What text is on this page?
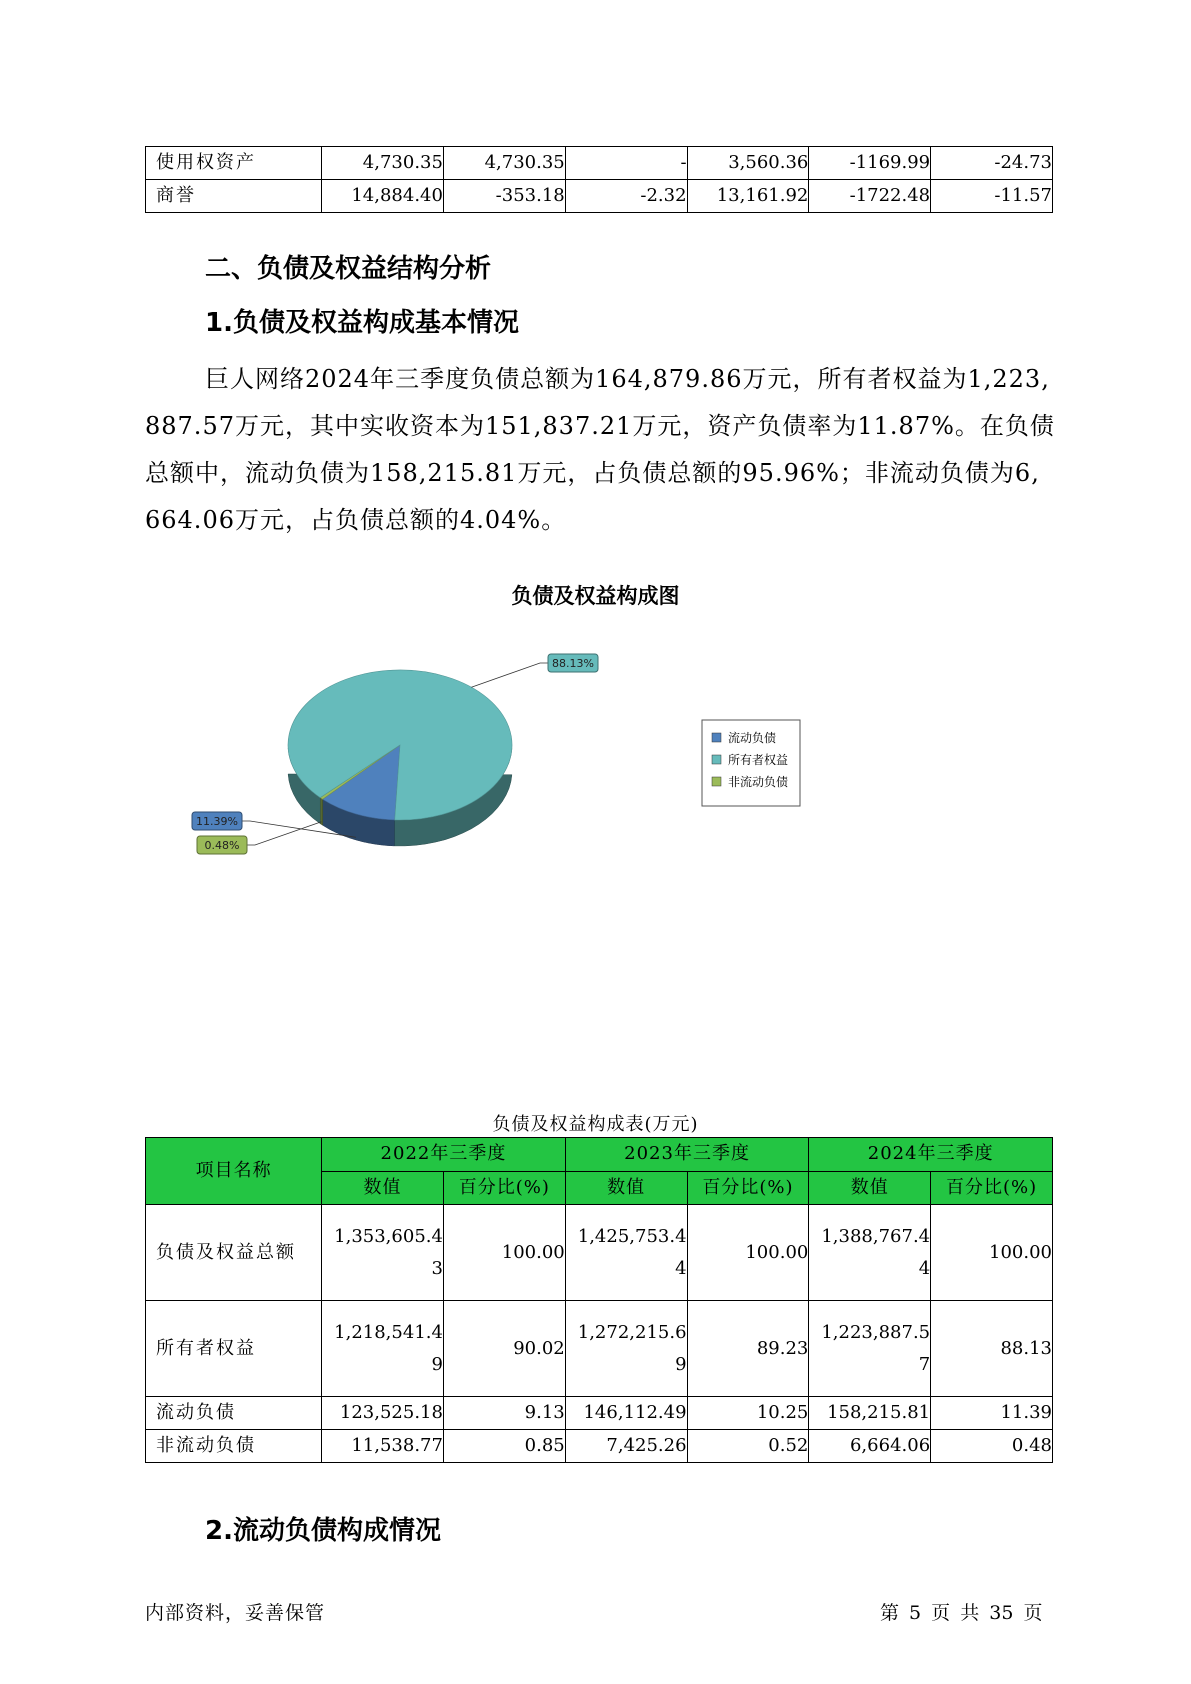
使用权资产	4,730.35	4,730.35	-	3,560.36	-1169.99	-24.73
商誉	14,884.40	-353.18	-2.32	13,161.92	-1722.48	-11.57
二、负债及权益结构分析
1.负债及权益构成基本情况
巨人网络2024年三季度负债总额为164,879.86万元，所有者权益为1,223,887.57万元，其中实收资本为151,837.21万元，资产负债率为11.87%。在负债总额中，流动负债为158,215.81万元，占负债总额的95.96%；非流动负债为6,664.06万元，占负债总额的4.04%。
负债及权益构成图
11.39%
0.48%
88.13%
流动负债
所有者权益
非流动负债
负债及权益构成表(万元)
项目名称	2022年三季度		2023年三季度		2024年三季度	
	数值	百分比(%)	数值	百分比(%)	数值	百分比(%)
负债及权益总额	1,353,605.43	100.00	1,425,753.44	100.00	1,388,767.44	100.00
所有者权益	1,218,541.49	90.02	1,272,215.69	89.23	1,223,887.57	88.13
流动负债	123,525.18	9.13	146,112.49	10.25	158,215.81	11.39
非流动负债	11,538.77	0.85	7,425.26	0.52	6,664.06	0.48
2.流动负债构成情况
内部资料，妥善保管	第 5 页 共 35 页
